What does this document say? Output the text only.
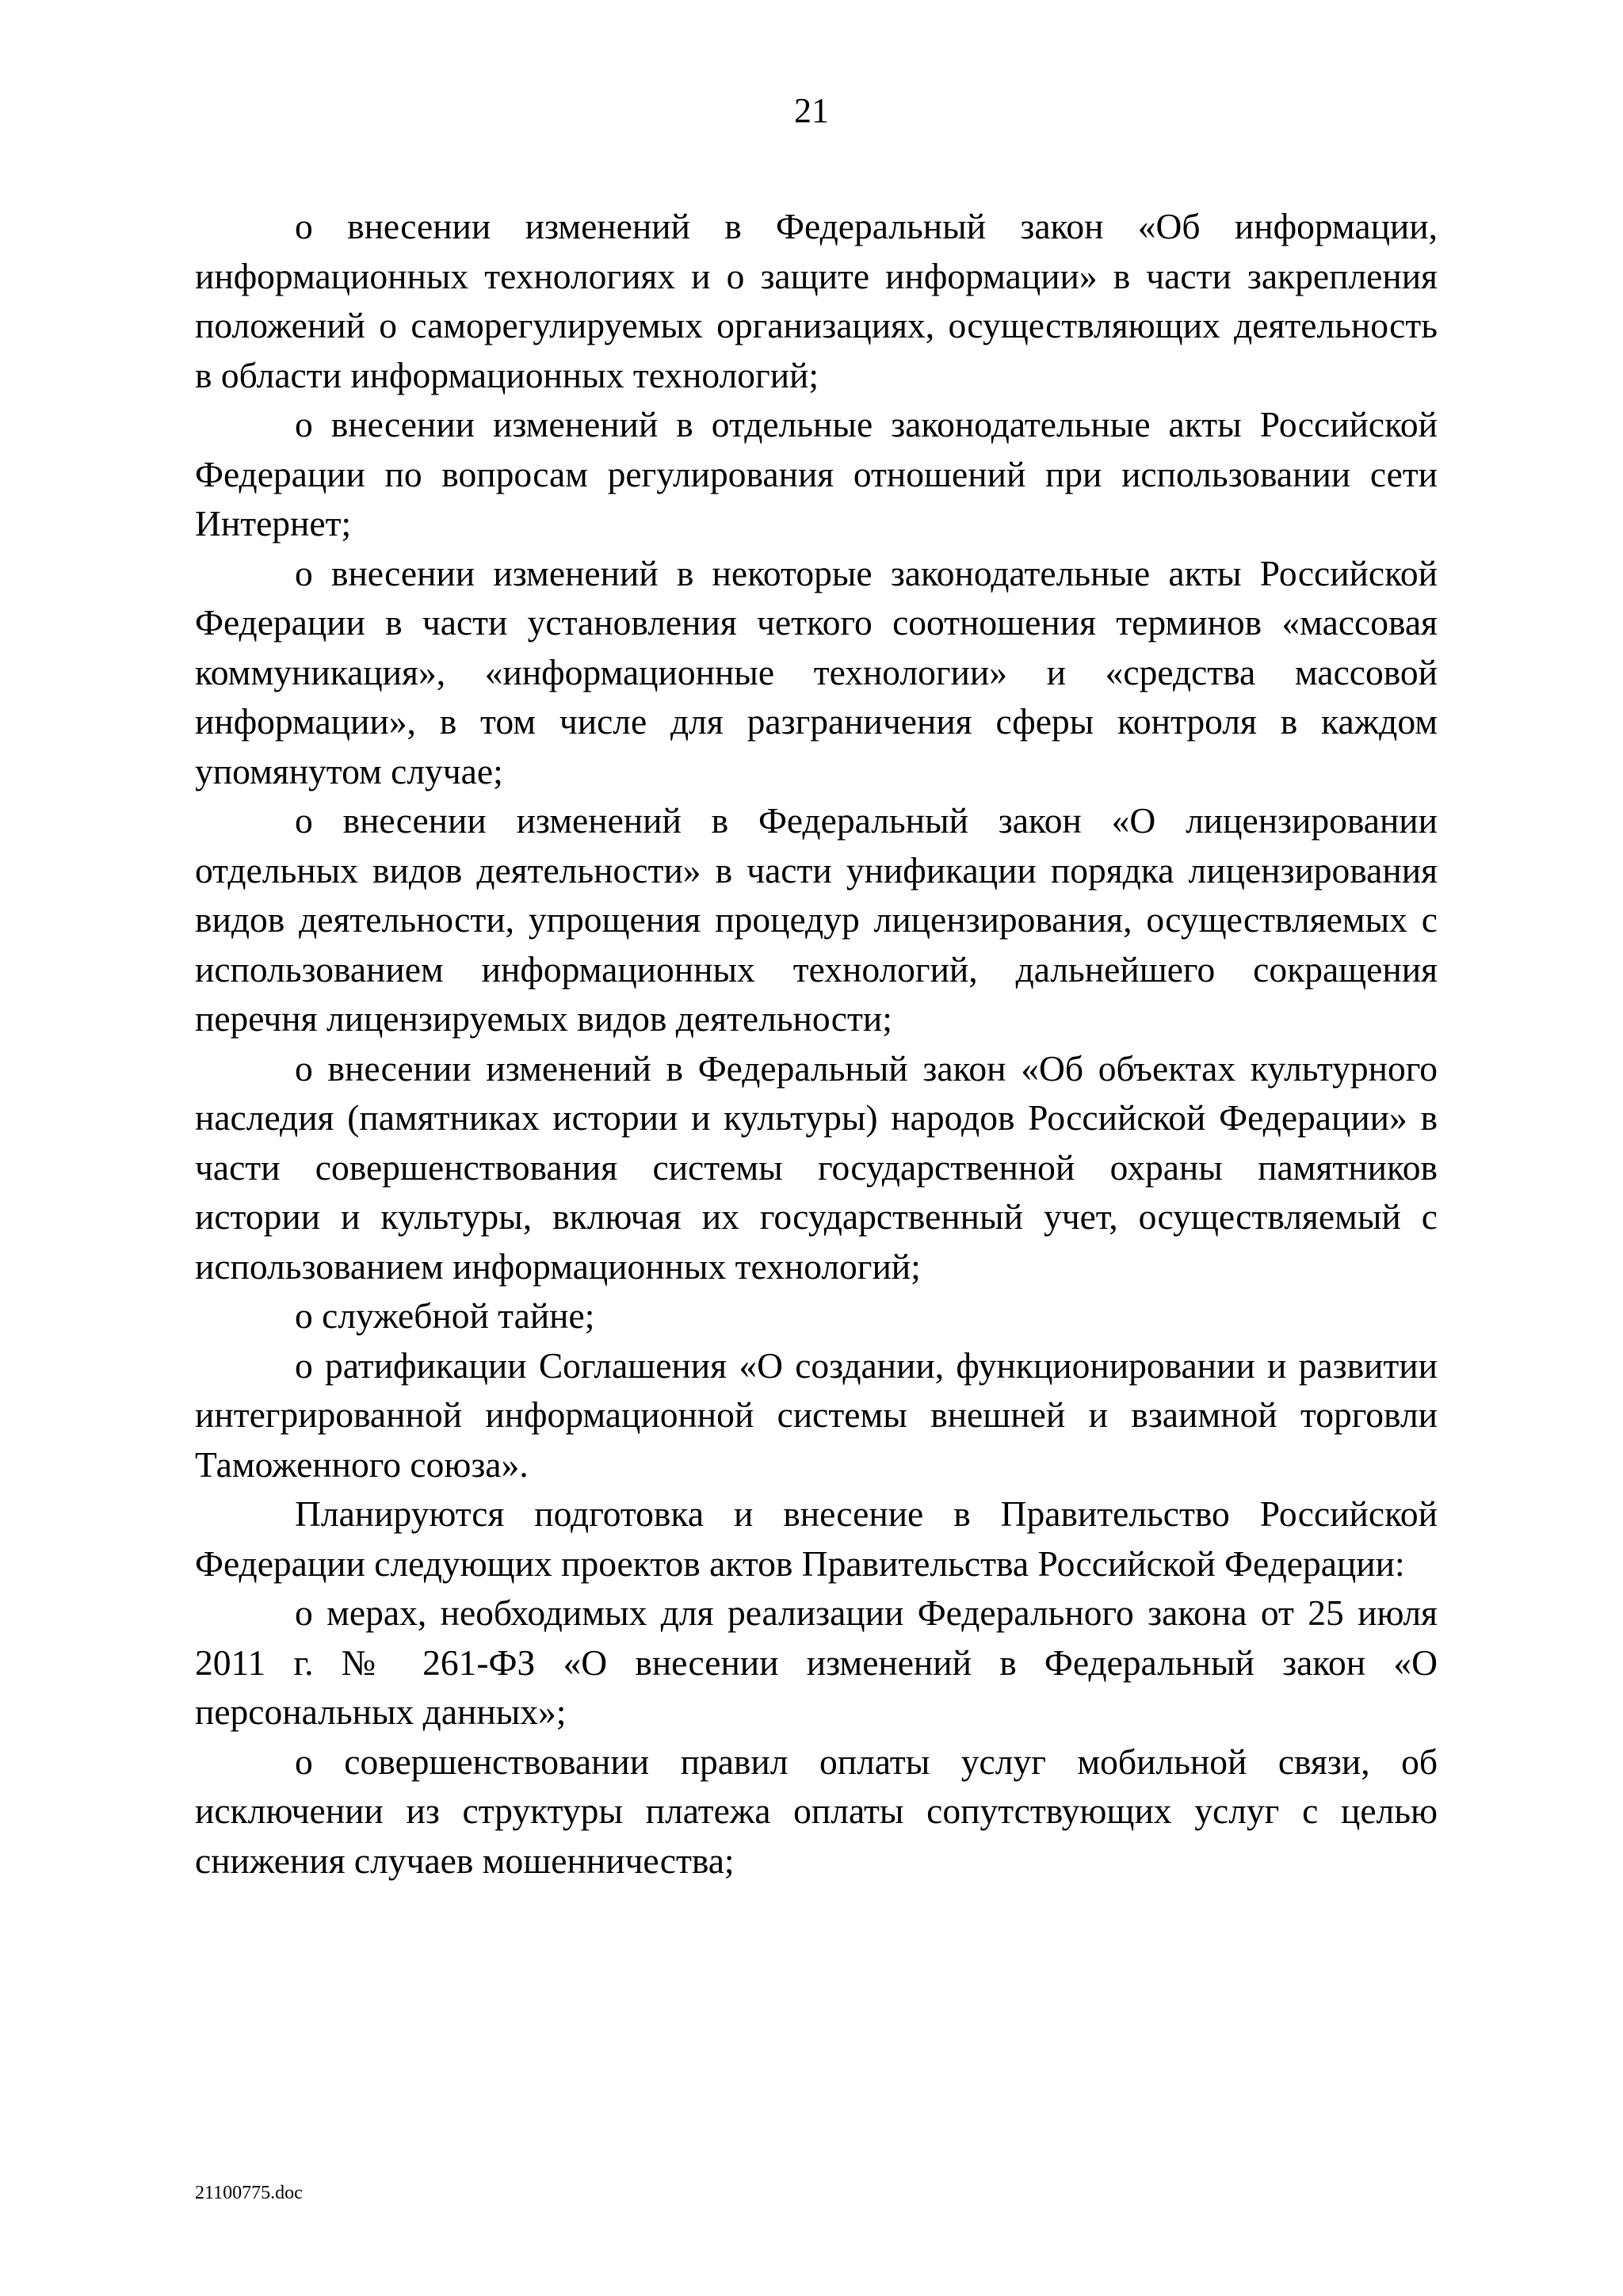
21

о внесении изменений в Федеральный закон «Об информации, информационных технологиях и о защите информации» в части закрепления положений о саморегулируемых организациях, осуществляющих деятельность в области информационных технологий;

о внесении изменений в отдельные законодательные акты Российской Федерации по вопросам регулирования отношений при использовании сети Интернет;

о внесении изменений в некоторые законодательные акты Российской Федерации в части установления четкого соотношения терминов «массовая коммуникация», «информационные технологии» и «средства массовой информации», в том числе для разграничения сферы контроля в каждом упомянутом случае;

о внесении изменений в Федеральный закон «О лицензировании отдельных видов деятельности» в части унификации порядка лицензирования видов деятельности, упрощения процедур лицензирования, осуществляемых с использованием информационных технологий, дальнейшего сокращения перечня лицензируемых видов деятельности;

о внесении изменений в Федеральный закон «Об объектах культурного наследия (памятниках истории и культуры) народов Российской Федерации» в части совершенствования системы государственной охраны памятников истории и культуры, включая их государственный учет, осуществляемый с использованием информационных технологий;

о служебной тайне;

о ратификации Соглашения «О создании, функционировании и развитии интегрированной информационной системы внешней и взаимной торговли Таможенного союза».

Планируются подготовка и внесение в Правительство Российской Федерации следующих проектов актов Правительства Российской Федерации:

о мерах, необходимых для реализации Федерального закона от 25 июля 2011 г. № 261-ФЗ «О внесении изменений в Федеральный закон «О персональных данных»;

о совершенствовании правил оплаты услуг мобильной связи, об исключении из структуры платежа оплаты сопутствующих услуг с целью снижения случаев мошенничества;

21100775.doc
